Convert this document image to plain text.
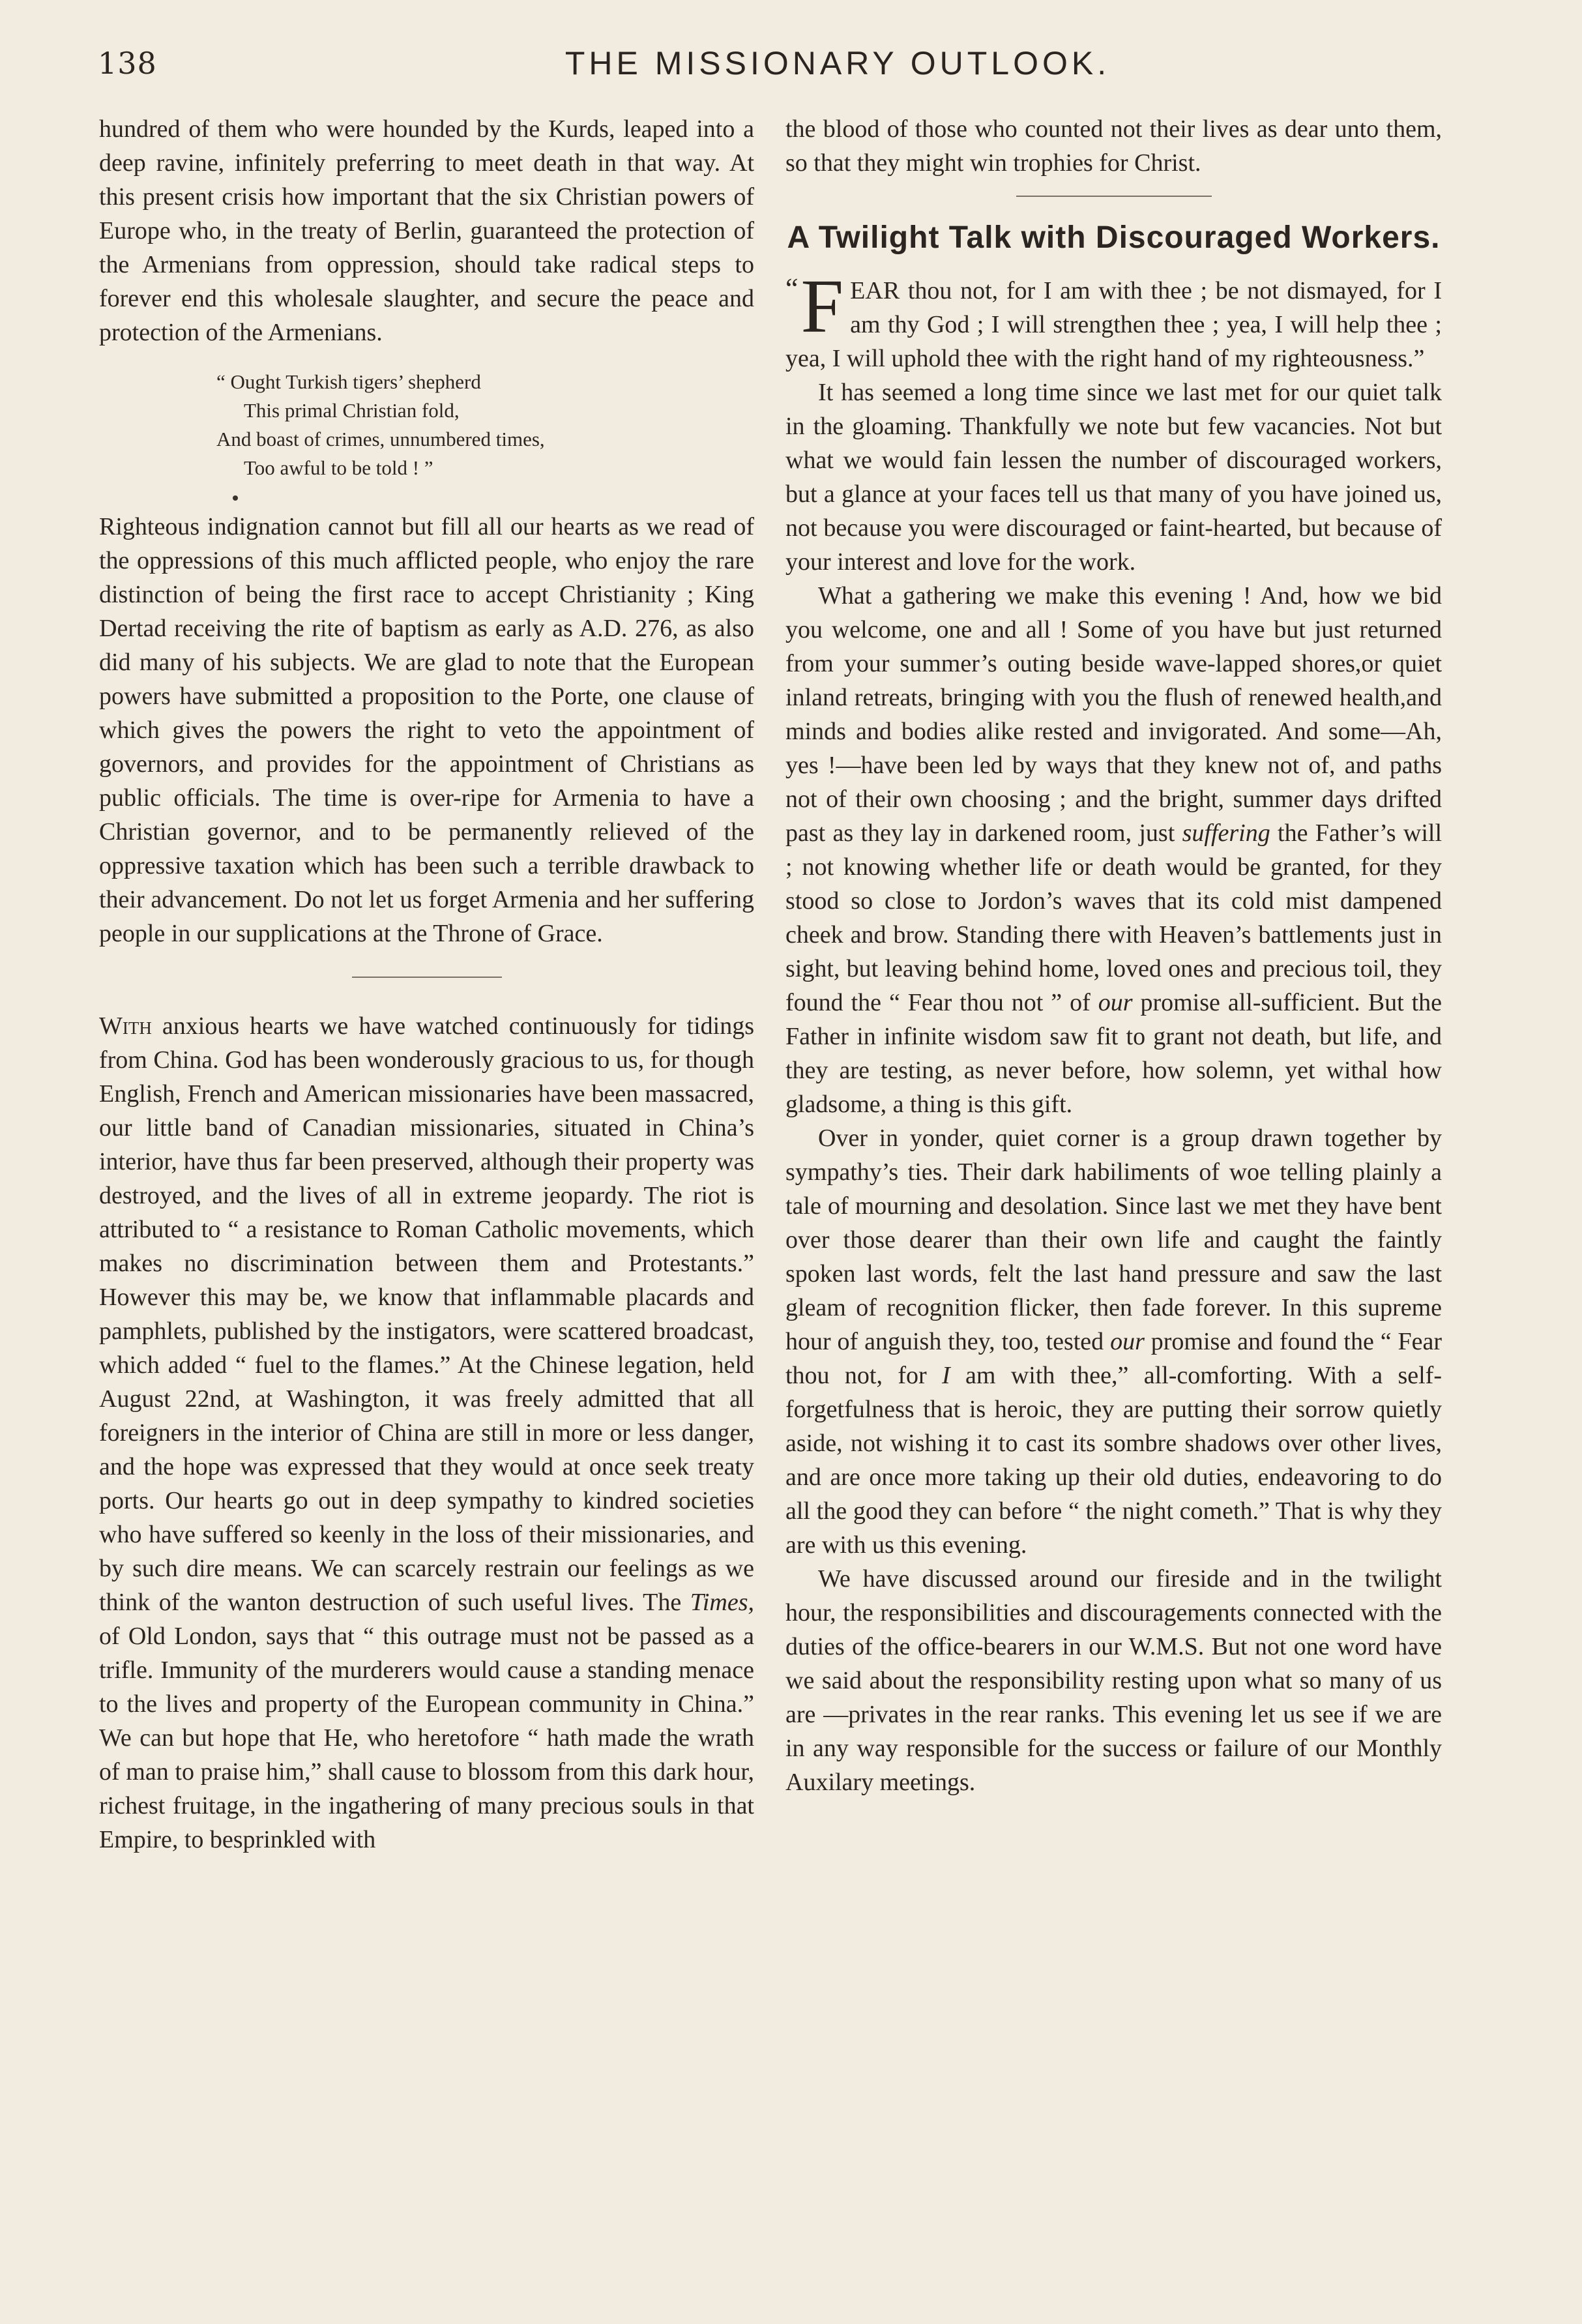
138	THE MISSIONARY OUTLOOK.

hundred of them who were hounded by the Kurds, leaped into a deep ravine, infinitely preferring to meet death in that way. At this present crisis how important that the six Christian powers of Europe who, in the treaty of Berlin, guaranteed the protection of the Armenians from oppression, should take radical steps to forever end this wholesale slaughter, and secure the peace and protection of the Armenians.

“ Ought Turkish tigers’ shepherd
This primal Christian fold,
And boast of crimes, unnumbered times,
Too awful to be told ! ”

Righteous indignation cannot but fill all our hearts as we read of the oppressions of this much afflicted people, who enjoy the rare distinction of being the first race to accept Christianity ; King Dertad receiving the rite of baptism as early as A.D. 276, as also did many of his subjects. We are glad to note that the European powers have submitted a proposition to the Porte, one clause of which gives the powers the right to veto the appointment of governors, and provides for the appointment of Christians as public officials. The time is over-ripe for Armenia to have a Christian governor, and to be permanently relieved of the oppressive taxation which has been such a terrible drawback to their advancement. Do not let us forget Armenia and her suffering people in our supplications at the Throne of Grace.

With anxious hearts we have watched continuously for tidings from China. God has been wonderously gracious to us, for though English, French and American missionaries have been massacred, our little band of Canadian missionaries, situated in China’s interior, have thus far been preserved, although their property was destroyed, and the lives of all in extreme jeopardy. The riot is attributed to “ a resistance to Roman Catholic movements, which makes no discrimination between them and Protestants.” However this may be, we know that inflammable placards and pamphlets, published by the instigators, were scattered broadcast, which added “ fuel to the flames.” At the Chinese legation, held August 22nd, at Washington, it was freely admitted that all foreigners in the interior of China are still in more or less danger, and the hope was expressed that they would at once seek treaty ports. Our hearts go out in deep sympathy to kindred societies who have suffered so keenly in the loss of their missionaries, and by such dire means. We can scarcely restrain our feelings as we think of the wanton destruction of such useful lives. The Times, of Old London, says that “ this outrage must not be passed as a trifle. Immunity of the murderers would cause a standing menace to the lives and property of the European community in China.” We can but hope that He, who heretofore “ hath made the wrath of man to praise him,” shall cause to blossom from this dark hour, richest fruitage, in the ingathering of many precious souls in that Empire, to besprinkled with

the blood of those who counted not their lives as dear unto them, so that they might win trophies for Christ.

A Twilight Talk with Discouraged Workers.

“ F EAR thou not, for I am with thee ; be not dismayed, for I am thy God ; I will strengthen thee ; yea, I will help thee ; yea, I will uphold thee with the right hand of my righteousness.”

It has seemed a long time since we last met for our quiet talk in the gloaming. Thankfully we note but few vacancies. Not but what we would fain lessen the number of discouraged workers, but a glance at your faces tell us that many of you have joined us, not because you were discouraged or faint-hearted, but because of your interest and love for the work.

What a gathering we make this evening ! And, how we bid you welcome, one and all ! Some of you have but just returned from your summer’s outing beside wave-lapped shores,or quiet inland retreats, bringing with you the flush of renewed health,and minds and bodies alike rested and invigorated. And some—Ah, yes !—have been led by ways that they knew not of, and paths not of their own choosing ; and the bright, summer days drifted past as they lay in darkened room, just suffering the Father’s will ; not knowing whether life or death would be granted, for they stood so close to Jordon’s waves that its cold mist dampened cheek and brow. Standing there with Heaven’s battlements just in sight, but leaving behind home, loved ones and precious toil, they found the “ Fear thou not ” of our promise all-sufficient. But the Father in infinite wisdom saw fit to grant not death, but life, and they are testing, as never before, how solemn, yet withal how gladsome, a thing is this gift.

Over in yonder, quiet corner is a group drawn together by sympathy’s ties. Their dark habiliments of woe telling plainly a tale of mourning and desolation. Since last we met they have bent over those dearer than their own life and caught the faintly spoken last words, felt the last hand pressure and saw the last gleam of recognition flicker, then fade forever. In this supreme hour of anguish they, too, tested our promise and found the “ Fear thou not, for I am with thee,” all-comforting. With a self-forgetfulness that is heroic, they are putting their sorrow quietly aside, not wishing it to cast its sombre shadows over other lives, and are once more taking up their old duties, endeavoring to do all the good they can before “ the night cometh.” That is why they are with us this evening.

We have discussed around our fireside and in the twilight hour, the responsibilities and discouragements connected with the duties of the office-bearers in our W.M.S. But not one word have we said about the responsibility resting upon what so many of us are —privates in the rear ranks. This evening let us see if we are in any way responsible for the success or failure of our Monthly Auxilary meetings.
